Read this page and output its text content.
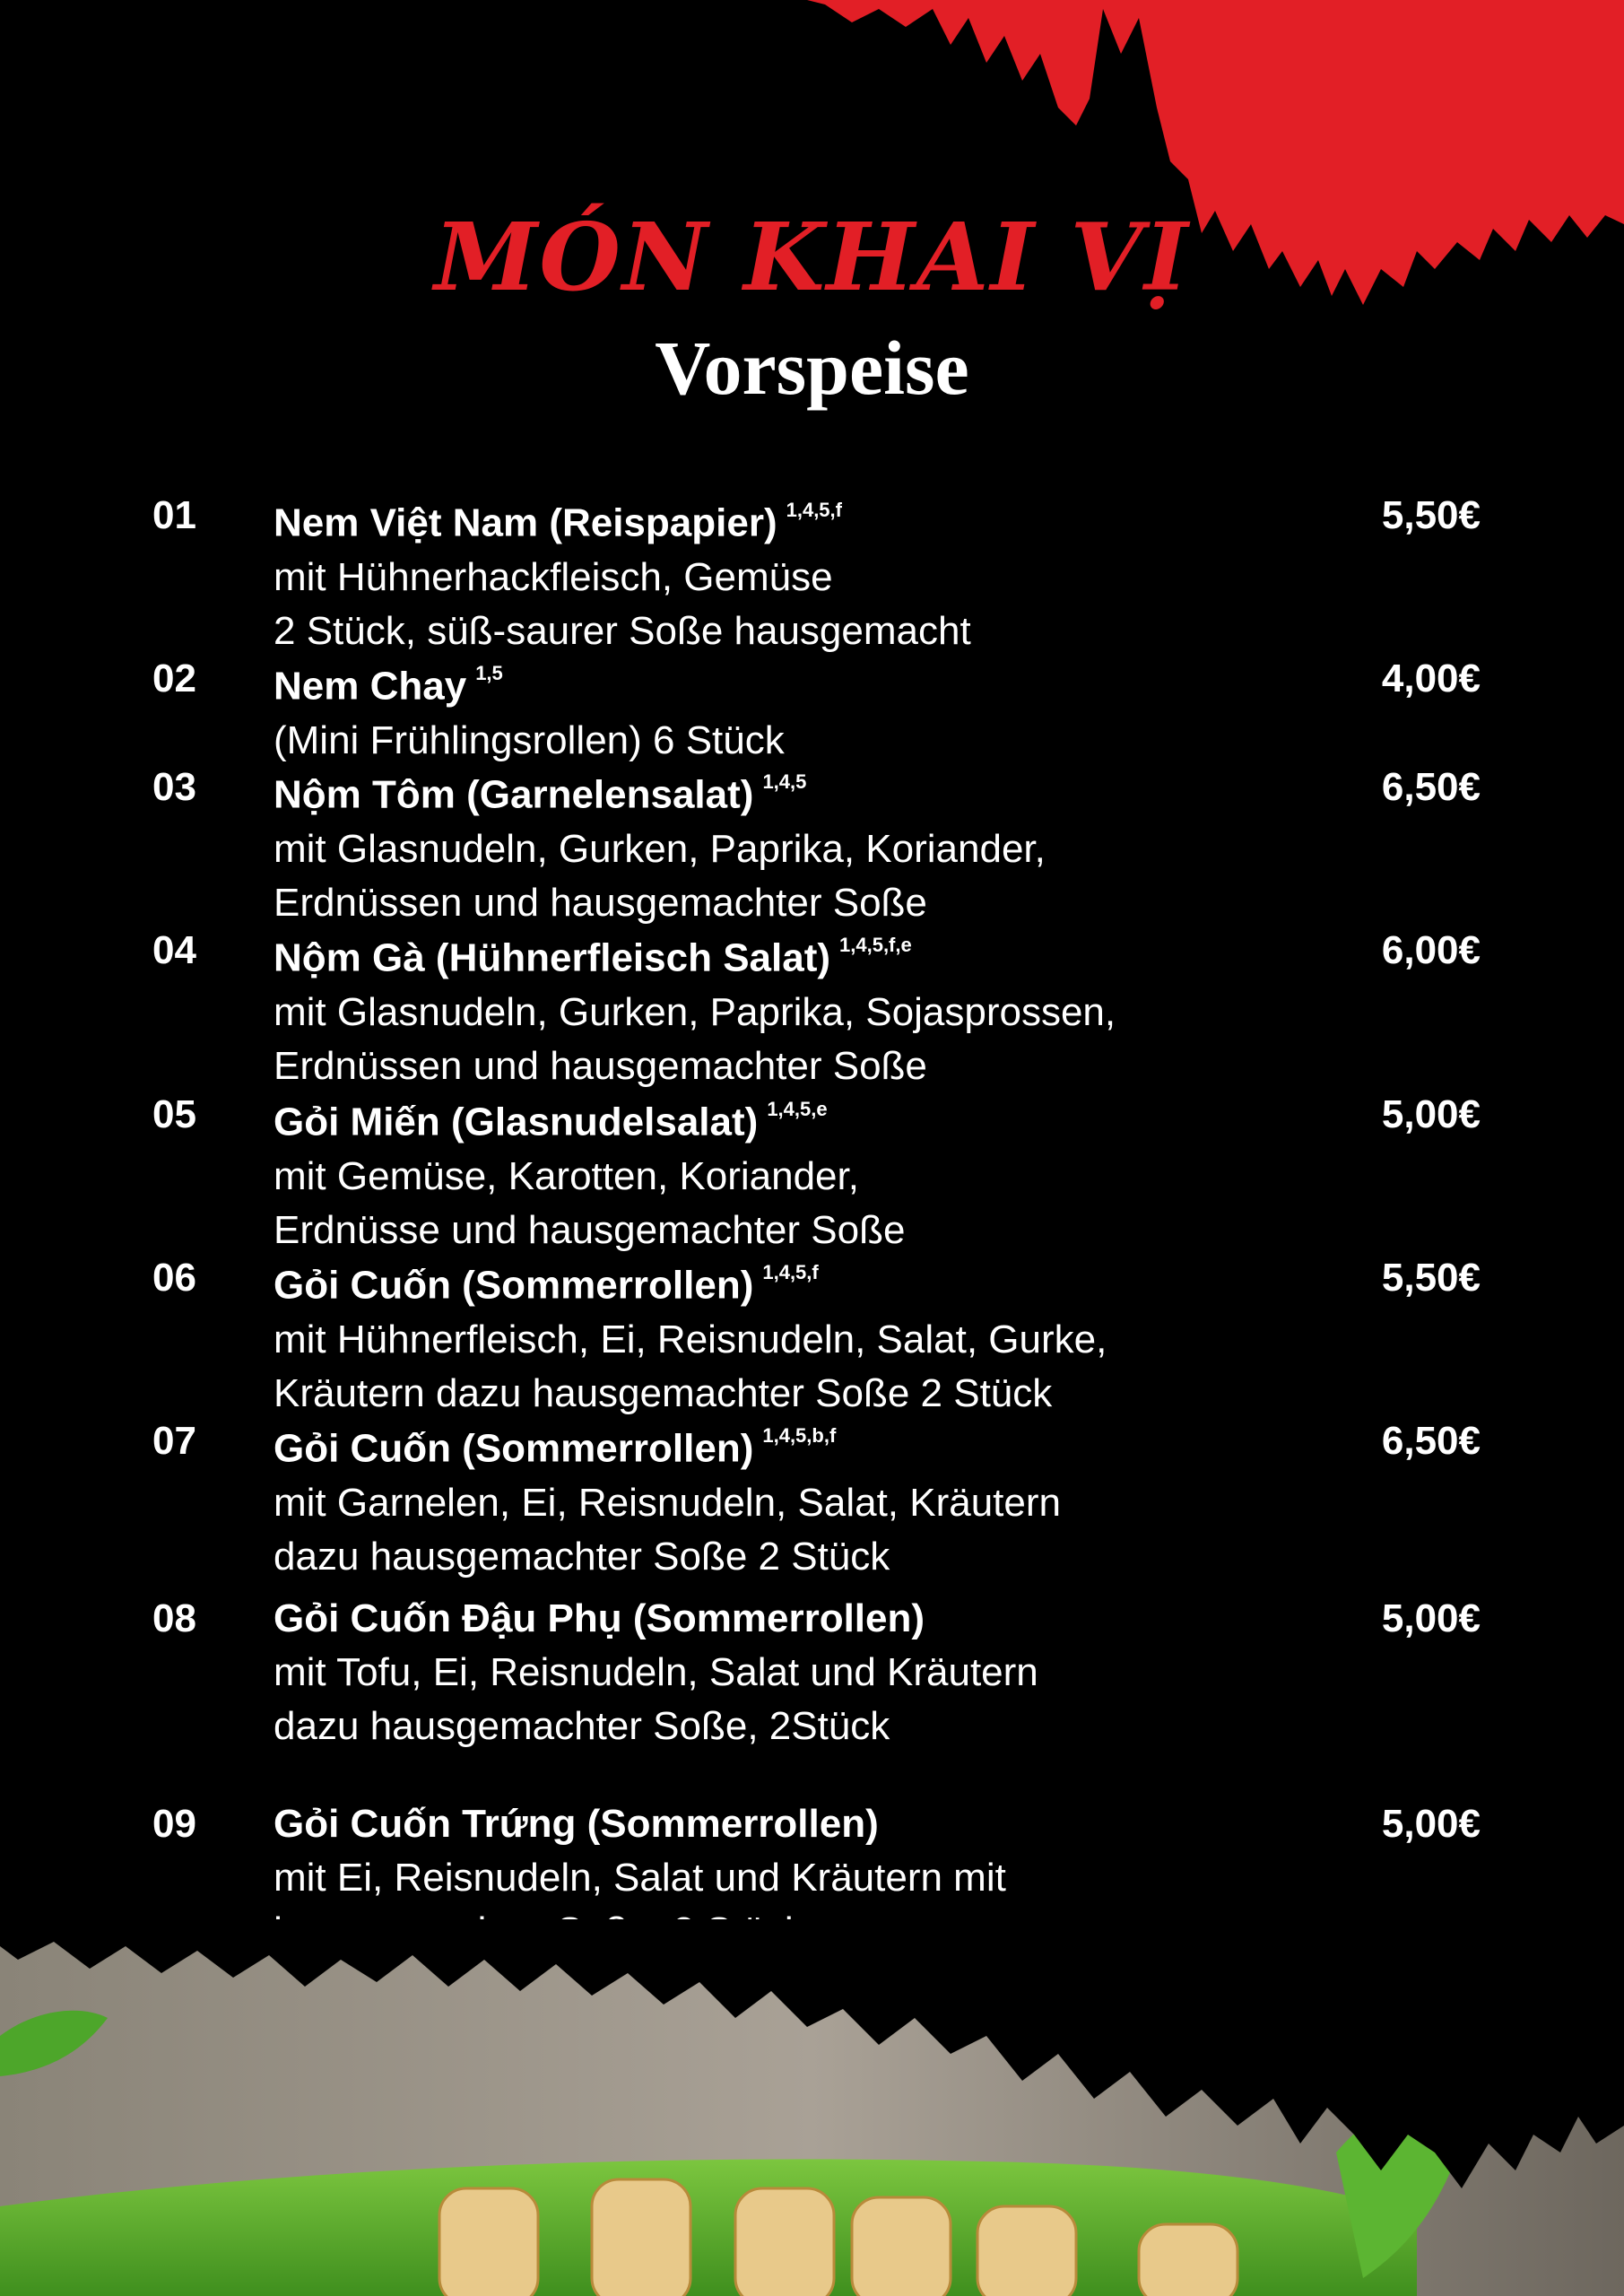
MÓN KHAI VỊ
Vorspeise
01 Nem Việt Nam (Reispapier) $^{1,4,5,f}$
mit Hühnerhackfleisch, Gemüse
2 Stück, süß-saurer Soße hausgemacht
5,50€
02 Nem Chay $^{1,5}$
(Mini Frühlingsrollen) 6 Stück
4,00€
03 Nộm Tôm (Garnelensalat) $^{1,4,5}$
mit Glasnudeln, Gurken, Paprika, Koriander,
Erdnüssen und hausgemachter Soße
6,50€
04 Nộm Gà (Hühnerfleisch Salat) $^{1,4,5,f,e}$
mit Glasnudeln, Gurken, Paprika, Sojasprossen,
Erdnüssen und hausgemachter Soße
6,00€
05 Gỏi Miến (Glasnudelsalat) $^{1,4,5,e}$
mit Gemüse, Karotten, Koriander,
Erdnüsse und hausgemachter Soße
5,00€
06 Gỏi Cuốn (Sommerrollen) $^{1,4,5,f}$
mit Hühnerfleisch, Ei, Reisnudeln, Salat, Gurke,
Kräutern dazu hausgemachter Soße 2 Stück
5,50€
07 Gỏi Cuốn (Sommerrollen) $^{1,4,5,b,f}$
mit Garnelen, Ei, Reisnudeln, Salat, Kräutern
dazu hausgemachter Soße 2 Stück
6,50€
08 Gỏi Cuốn Đậu Phụ (Sommerrollen)
mit Tofu, Ei, Reisnudeln, Salat und Kräutern
dazu hausgemachter Soße, 2Stück
5,00€
09 Gỏi Cuốn Trứng (Sommerrollen)
mit Ei, Reisnudeln, Salat und Kräutern mit
5,00€
